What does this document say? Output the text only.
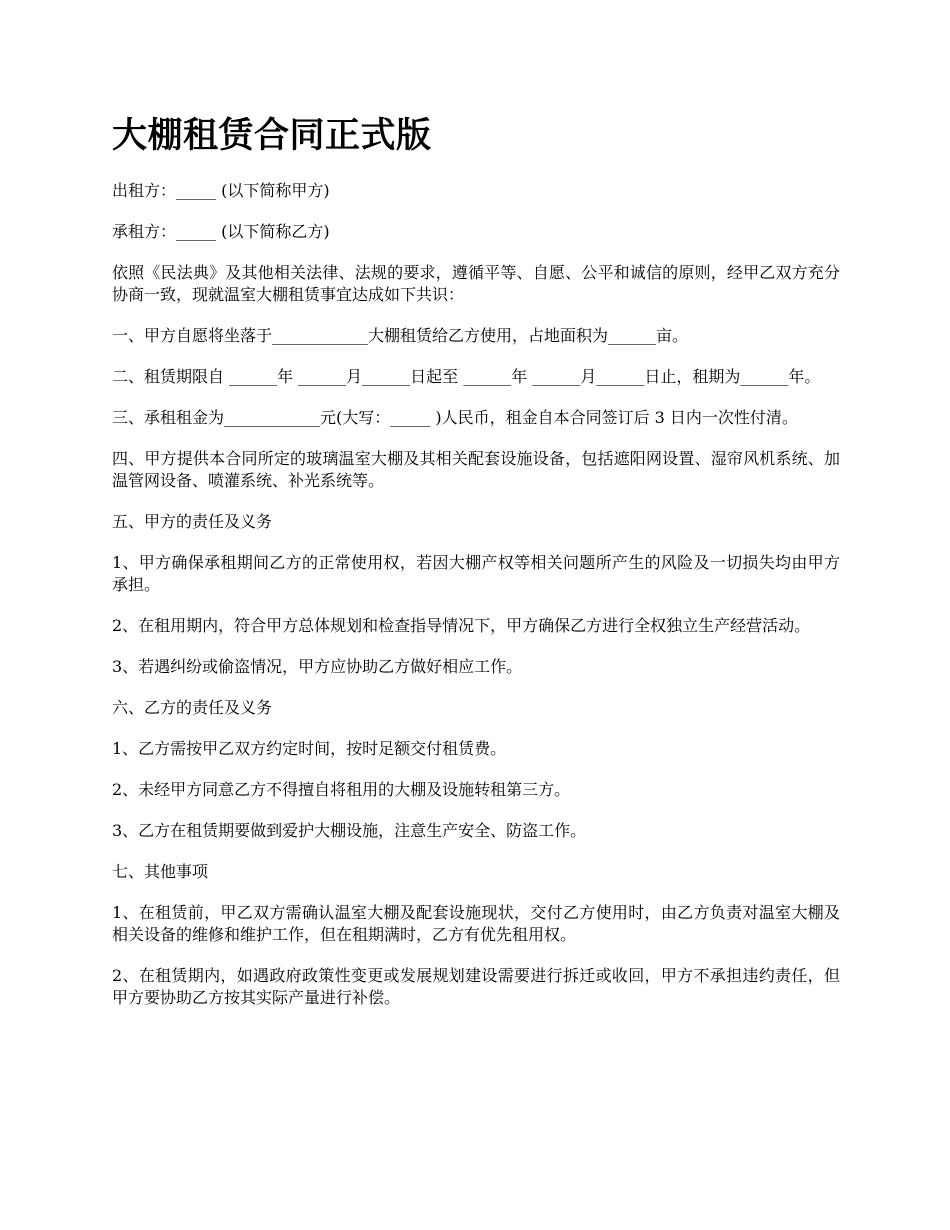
大棚租赁合同正式版

出租方：_____ (以下简称甲方)

承租方：_____ (以下简称乙方)

依照《民法典》及其他相关法律、法规的要求，遵循平等、自愿、公平和诚信的原则，经甲乙双方充分协商一致，现就温室大棚租赁事宜达成如下共识：

一、甲方自愿将坐落于____________大棚租赁给乙方使用，占地面积为______亩。

二、租赁期限自 ______年 ______月______日起至 ______年 ______月______日止，租期为______年。

三、承租租金为____________元(大写：_____ )人民币，租金自本合同签订后 3 日内一次性付清。

四、甲方提供本合同所定的玻璃温室大棚及其相关配套设施设备，包括遮阳网设置、湿帘风机系统、加温管网设备、喷灌系统、补光系统等。

五、甲方的责任及义务

1、甲方确保承租期间乙方的正常使用权，若因大棚产权等相关问题所产生的风险及一切损失均由甲方承担。

2、在租用期内，符合甲方总体规划和检查指导情况下，甲方确保乙方进行全权独立生产经营活动。

3、若遇纠纷或偷盗情况，甲方应协助乙方做好相应工作。

六、乙方的责任及义务

1、乙方需按甲乙双方约定时间，按时足额交付租赁费。

2、未经甲方同意乙方不得擅自将租用的大棚及设施转租第三方。

3、乙方在租赁期要做到爱护大棚设施，注意生产安全、防盗工作。

七、其他事项

1、在租赁前，甲乙双方需确认温室大棚及配套设施现状，交付乙方使用时，由乙方负责对温室大棚及相关设备的维修和维护工作，但在租期满时，乙方有优先租用权。

2、在租赁期内，如遇政府政策性变更或发展规划建设需要进行拆迁或收回，甲方不承担违约责任，但甲方要协助乙方按其实际产量进行补偿。
